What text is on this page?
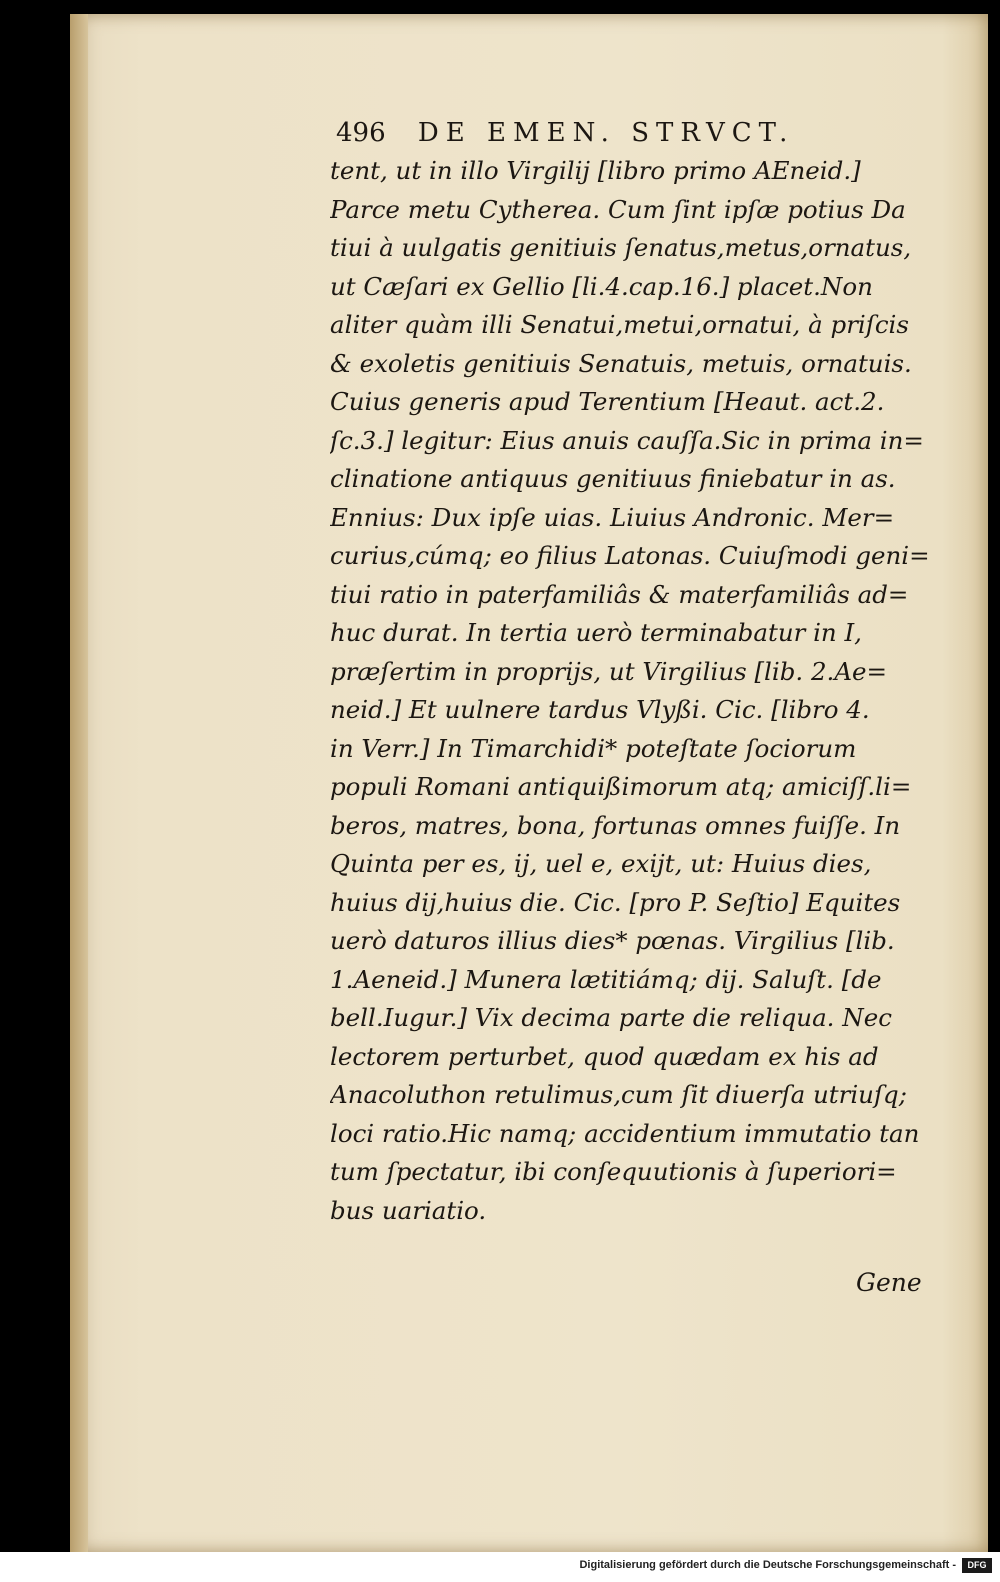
496 DE EMEN. STRVCT.
tent, ut in illo Virgilij [libro primo AEneid.]
Parce metu Cytherea. Cum ſint ipſæ potius Da
tiui à uulgatis genitiuis ſenatus,metus,ornatus,
ut Cæſari ex Gellio [li.4.cap.16.] placet.Non
aliter quàm illi Senatui,metui,ornatui, à priſcis
& exoletis genitiuis Senatuis, metuis, ornatuis.
Cuius generis apud Terentium [Heaut. act.2.
ſc.3.] legitur: Eius anuis cauſſa.Sic in prima in=
clinatione antiquus genitiuus finiebatur in as.
Ennius: Dux ipſe uias. Liuius Andronic. Mer=
curius,cúmq; eo filius Latonas. Cuiuſmodi geni=
tiui ratio in paterfamiliâs & materfamiliâs ad=
huc durat. In tertia uerò terminabatur in I,
præſertim in proprijs, ut Virgilius [lib. 2.Ae=
neid.] Et uulnere tardus Vlyßi. Cic. [libro 4.
in Verr.] In Timarchidi* poteſtate ſociorum
populi Romani antiquißimorum atq; amiciſſ.li=
beros, matres, bona, fortunas omnes fuiſſe. In
Quinta per es, ij, uel e, exijt, ut: Huius dies,
huius dij,huius die. Cic. [pro P. Seſtio] Equites
uerò daturos illius dies* pœnas. Virgilius [lib.
1.Aeneid.] Munera lætitiámq; dij. Saluſt. [de
bell.Iugur.] Vix decima parte die reliqua. Nec
lectorem perturbet, quod quædam ex his ad
Anacoluthon retulimus,cum ſit diuerſa utriuſq;
loci ratio.Hic namq; accidentium immutatio tan
tum ſpectatur, ibi conſequutionis à ſuperiori=
bus uariatio.
Gene
Digitalisierung gefördert durch die Deutsche Forschungsgemeinschaft -	DFG
